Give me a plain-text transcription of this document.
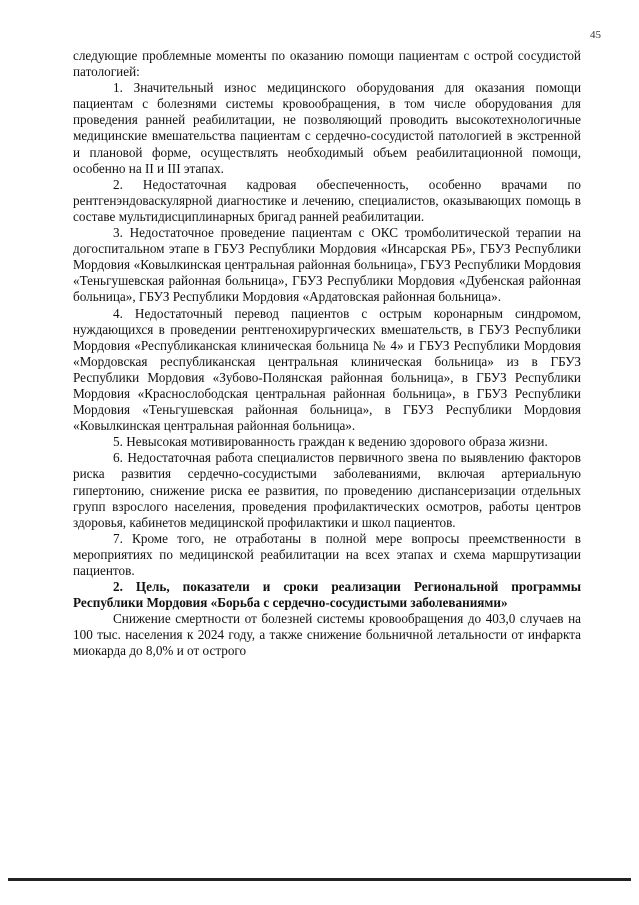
45

следующие проблемные моменты по оказанию помощи пациентам с острой сосудистой патологией:

1. Значительный износ медицинского оборудования для оказания помощи пациентам с болезнями системы кровообращения, в том числе оборудования для проведения ранней реабилитации, не позволяющий проводить высокотехнологичные медицинские вмешательства пациентам с сердечно-сосудистой патологией в экстренной и плановой форме, осуществлять необходимый объем реабилитационной помощи, особенно на II и III этапах.

2. Недостаточная кадровая обеспеченность, особенно врачами по рентгенэндоваскулярной диагностике и лечению, специалистов, оказывающих помощь в составе мультидисциплинарных бригад ранней реабилитации.

3. Недостаточное проведение пациентам с ОКС тромболитической терапии на догоспитальном этапе в ГБУЗ Республики Мордовия «Инсарская РБ», ГБУЗ Республики Мордовия «Ковылкинская центральная районная больница», ГБУЗ Республики Мордовия «Теньгушевская районная больница», ГБУЗ Республики Мордовия «Дубенская районная больница», ГБУЗ Республики Мордовия «Ардатовская районная больница».

4. Недостаточный перевод пациентов с острым коронарным синдромом, нуждающихся в проведении рентгенохирургических вмешательств, в ГБУЗ Республики Мордовия «Республиканская клиническая больница № 4» и ГБУЗ Республики Мордовия «Мордовская республиканская центральная клиническая больница» из в ГБУЗ Республики Мордовия «Зубово-Полянская районная больница», в ГБУЗ Республики Мордовия «Краснослободская центральная районная больница», в ГБУЗ Республики Мордовия «Теньгушевская районная больница», в ГБУЗ Республики Мордовия «Ковылкинская центральная районная больница».

5. Невысокая мотивированность граждан к ведению здорового образа жизни.

6. Недостаточная работа специалистов первичного звена по выявлению факторов риска развития сердечно-сосудистыми заболеваниями, включая артериальную гипертонию, снижение риска ее развития, по проведению диспансеризации отдельных групп взрослого населения, проведения профилактических осмотров, работы центров здоровья, кабинетов медицинской профилактики и школ пациентов.

7. Кроме того, не отработаны в полной мере вопросы преемственности в мероприятиях по медицинской реабилитации на всех этапах и схема маршрутизации пациентов.

2. Цель, показатели и сроки реализации Региональной программы Республики Мордовия «Борьба с сердечно-сосудистыми заболеваниями»

Снижение смертности от болезней системы кровообращения до 403,0 случаев на 100 тыс. населения к 2024 году, а также снижение больничной летальности от инфаркта миокарда до 8,0% и от острого
